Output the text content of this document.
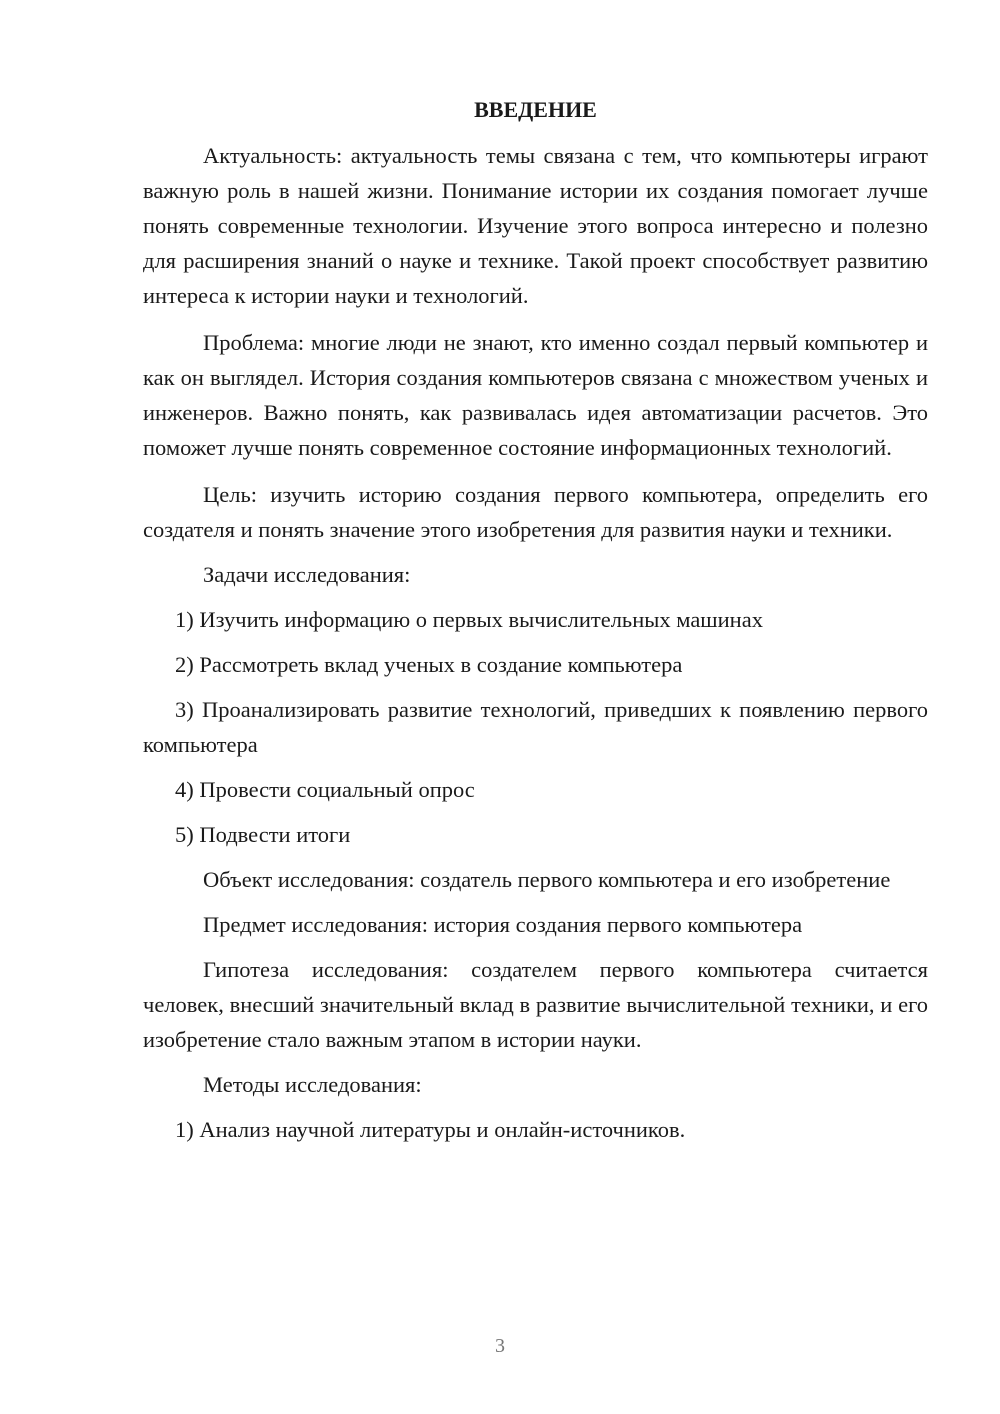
ВВЕДЕНИЕ

Актуальность: актуальность темы связана с тем, что компьютеры играют важную роль в нашей жизни. Понимание истории их создания помогает лучше понять современные технологии. Изучение этого вопроса интересно и полезно для расширения знаний о науке и технике. Такой проект способствует развитию интереса к истории науки и технологий.

Проблема: многие люди не знают, кто именно создал первый компьютер и как он выглядел. История создания компьютеров связана с множеством ученых и инженеров. Важно понять, как развивалась идея автоматизации расчетов. Это поможет лучше понять современное состояние информационных технологий.

Цель: изучить историю создания первого компьютера, определить его создателя и понять значение этого изобретения для развития науки и техники.

Задачи исследования:

1) Изучить информацию о первых вычислительных машинах

2) Рассмотреть вклад ученых в создание компьютера

3) Проанализировать развитие технологий, приведших к появлению первого компьютера

4) Провести социальный опрос

5) Подвести итоги

Объект исследования: создатель первого компьютера и его изобретение

Предмет исследования: история создания первого компьютера

Гипотеза исследования: создателем первого компьютера считается человек, внесший значительный вклад в развитие вычислительной техники, и его изобретение стало важным этапом в истории науки.

Методы исследования:

1) Анализ научной литературы и онлайн-источников.

3
